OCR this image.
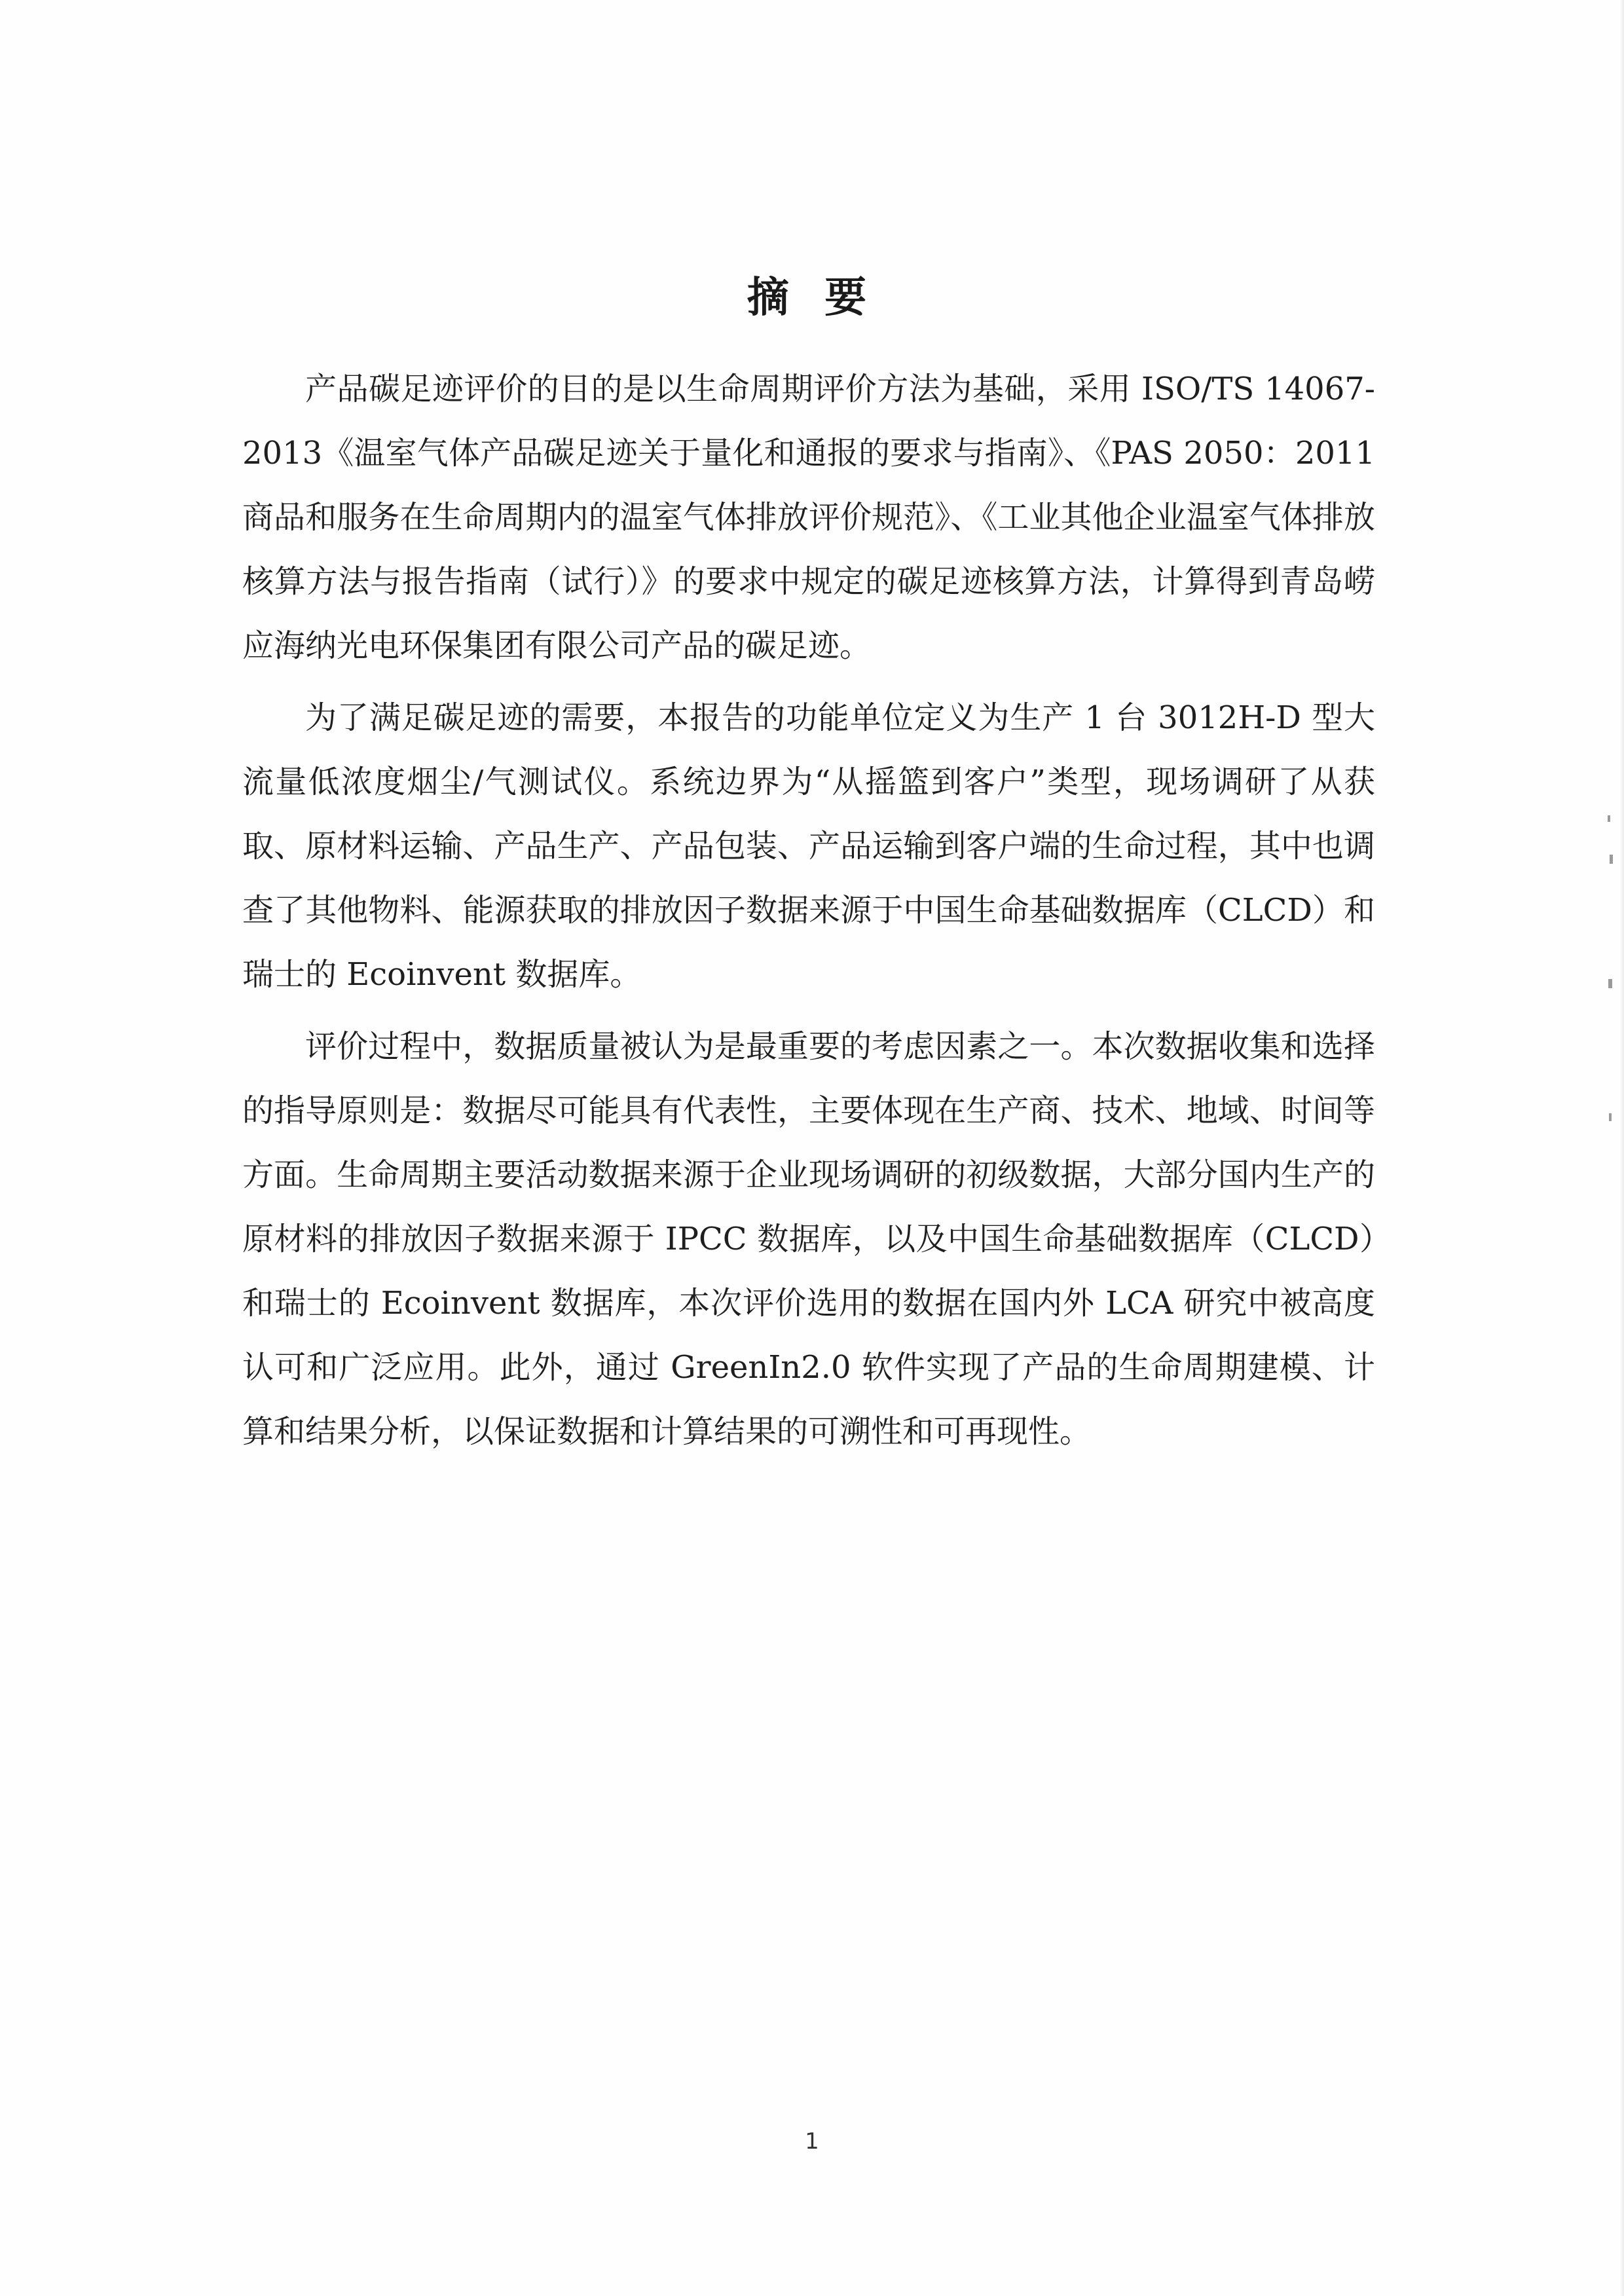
摘 要

产品碳足迹评价的目的是以生命周期评价方法为基础，采用 ISO/TS 14067-2013《温室气体产品碳足迹关于量化和通报的要求与指南》、《PAS 2050：2011 商品和服务在生命周期内的温室气体排放评价规范》、《工业其他企业温室气体排放核算方法与报告指南（试行）》的要求中规定的碳足迹核算方法，计算得到青岛崂应海纳光电环保集团有限公司产品的碳足迹。

为了满足碳足迹的需要，本报告的功能单位定义为生产 1 台 3012H-D 型大流量低浓度烟尘/气测试仪。系统边界为“从摇篮到客户”类型，现场调研了从获取、原材料运输、产品生产、产品包装、产品运输到客户端的生命过程，其中也调查了其他物料、能源获取的排放因子数据来源于中国生命基础数据库（CLCD）和瑞士的 Ecoinvent 数据库。

评价过程中，数据质量被认为是最重要的考虑因素之一。本次数据收集和选择的指导原则是：数据尽可能具有代表性，主要体现在生产商、技术、地域、时间等方面。生命周期主要活动数据来源于企业现场调研的初级数据，大部分国内生产的原材料的排放因子数据来源于 IPCC 数据库，以及中国生命基础数据库（CLCD）和瑞士的 Ecoinvent 数据库，本次评价选用的数据在国内外 LCA 研究中被高度认可和广泛应用。此外，通过 GreenIn2.0 软件实现了产品的生命周期建模、计算和结果分析，以保证数据和计算结果的可溯性和可再现性。

1
